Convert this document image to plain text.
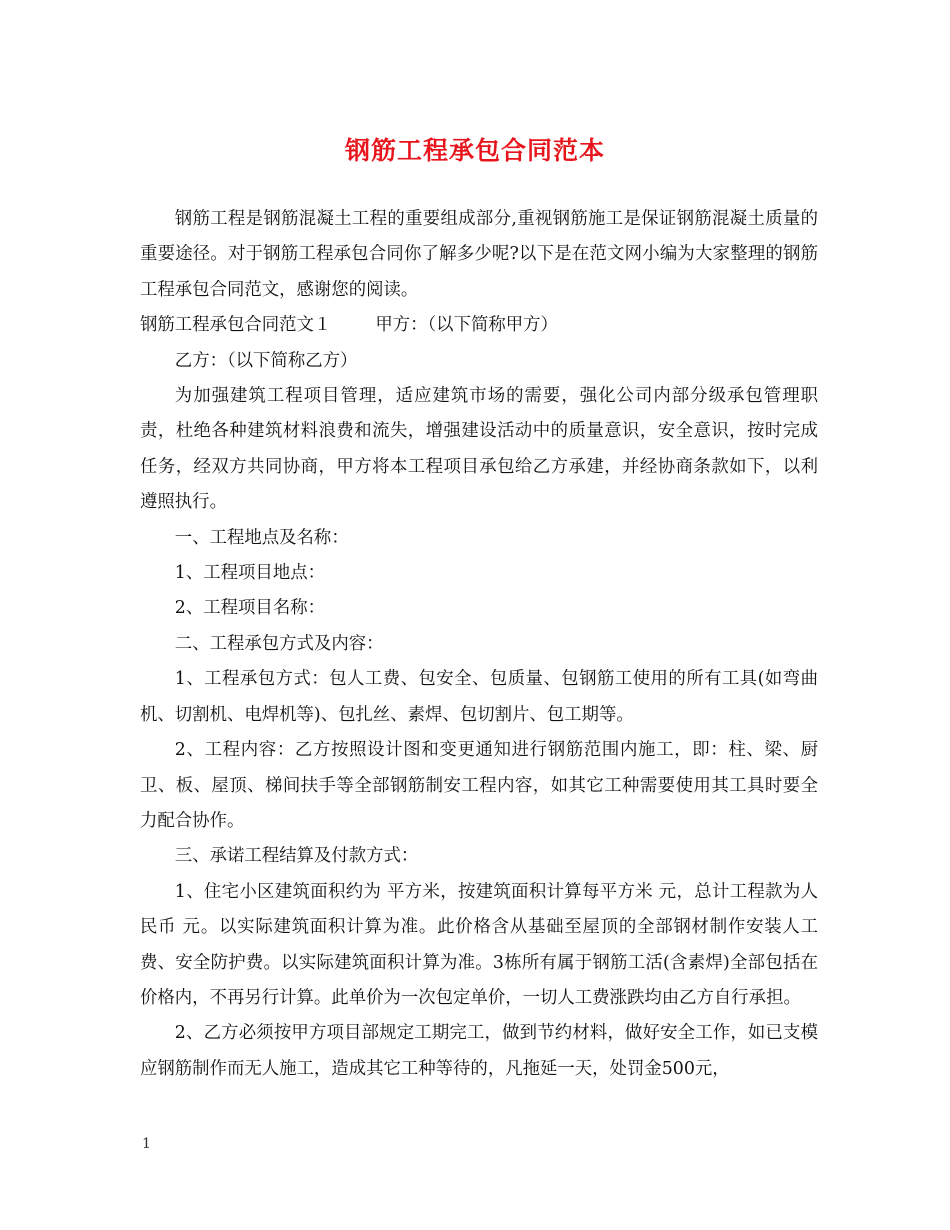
钢筋工程承包合同范本

钢筋工程是钢筋混凝土工程的重要组成部分,重视钢筋施工是保证钢筋混凝土质量的重要途径。对于钢筋工程承包合同你了解多少呢?以下是在范文网小编为大家整理的钢筋工程承包合同范文，感谢您的阅读。

钢筋工程承包合同范文１	甲方：（以下简称甲方）

乙方：（以下简称乙方）

为加强建筑工程项目管理，适应建筑市场的需要，强化公司内部分级承包管理职责，杜绝各种建筑材料浪费和流失，增强建设活动中的质量意识，安全意识，按时完成任务，经双方共同协商，甲方将本工程项目承包给乙方承建，并经协商条款如下，以利遵照执行。

一、工程地点及名称：

1、工程项目地点：

2、工程项目名称：

二、工程承包方式及内容：

1、工程承包方式：包人工费、包安全、包质量、包钢筋工使用的所有工具(如弯曲机、切割机、电焊机等)、包扎丝、素焊、包切割片、包工期等。

2、工程内容：乙方按照设计图和变更通知进行钢筋范围内施工，即：柱、梁、厨卫、板、屋顶、梯间扶手等全部钢筋制安工程内容，如其它工种需要使用其工具时要全力配合协作。

三、承诺工程结算及付款方式：

1、住宅小区建筑面积约为 平方米，按建筑面积计算每平方米 元，总计工程款为人民币 元。以实际建筑面积计算为准。此价格含从基础至屋顶的全部钢材制作安装人工费、安全防护费。以实际建筑面积计算为准。3栋所有属于钢筋工活(含素焊)全部包括在价格内，不再另行计算。此单价为一次包定单价，一切人工费涨跌均由乙方自行承担。

2、乙方必须按甲方项目部规定工期完工，做到节约材料，做好安全工作，如已支模应钢筋制作而无人施工，造成其它工种等待的，凡拖延一天，处罚金500元，

1
